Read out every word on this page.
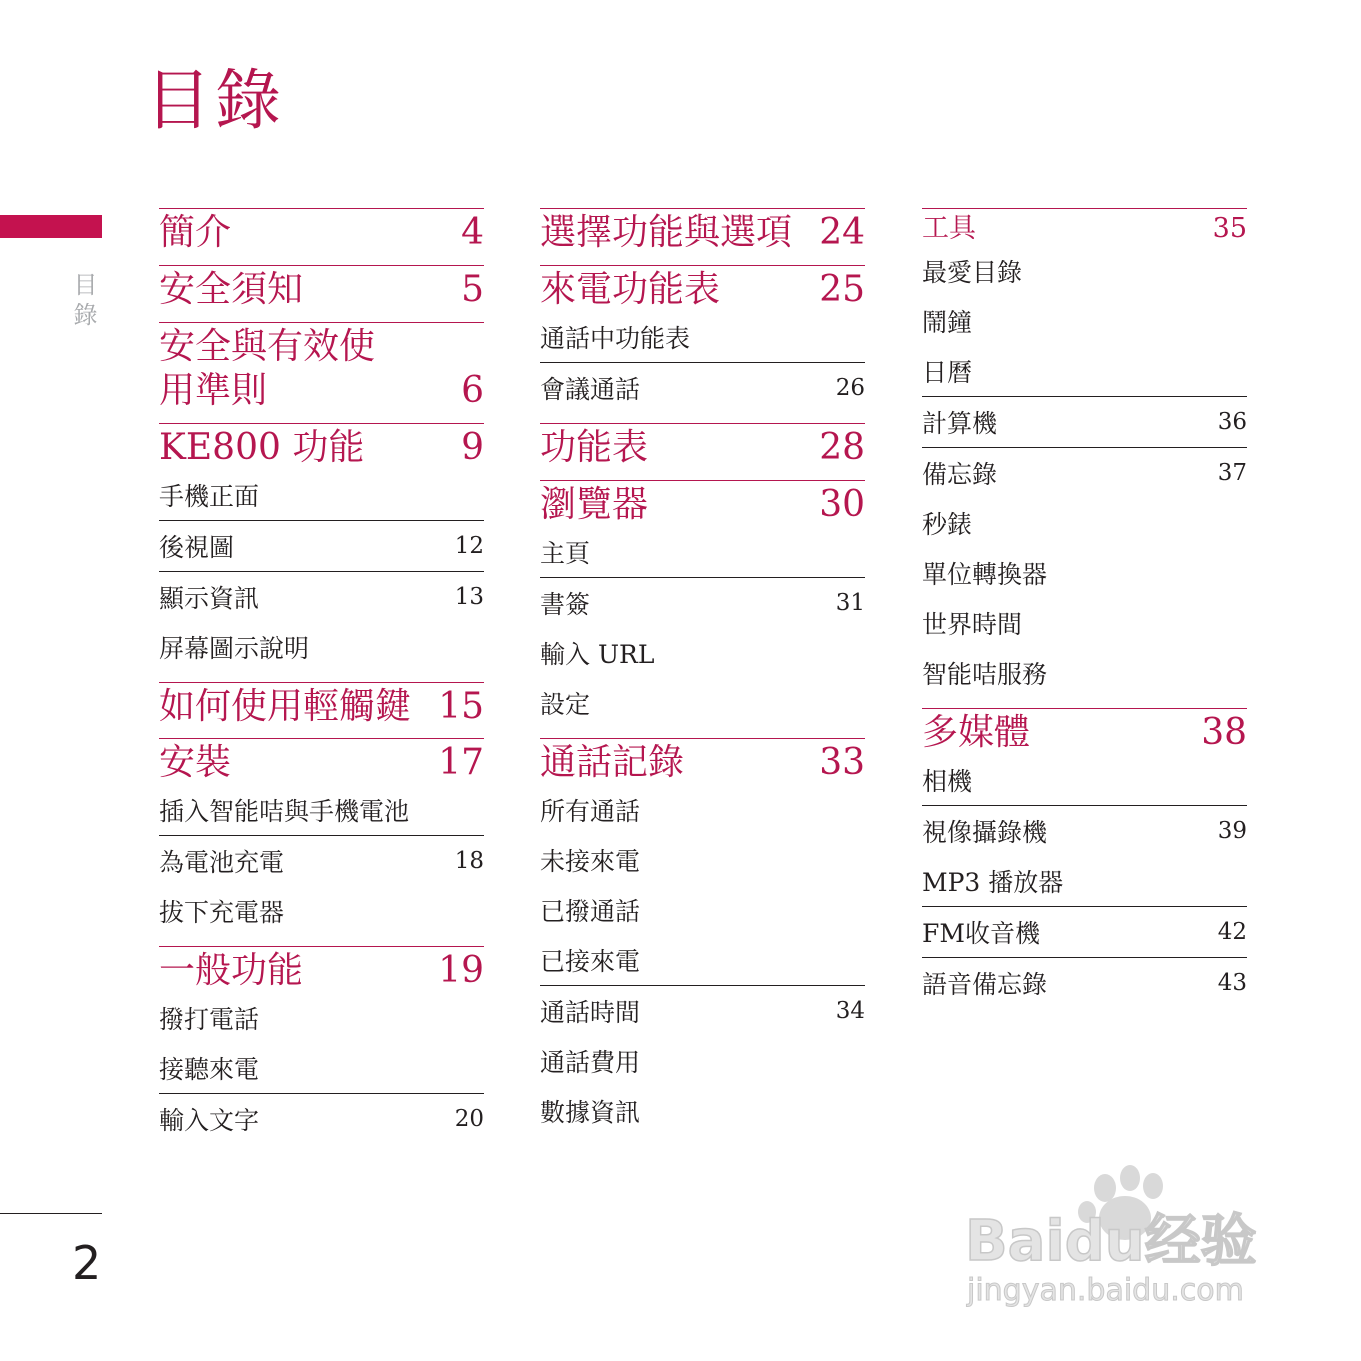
目錄
目錄
簡介	4
安全須知	5
安全與有效使
用準則	6
KE800 功能	9
手機正面
後視圖	12
顯示資訊	13
屏幕圖示說明
如何使用輕觸鍵 15
安裝	17
插入智能咭與手機電池
為電池充電	18
拔下充電器
一般功能	19
撥打電話
接聽來電
輸入文字	20
選擇功能與選項 24
來電功能表	25
通話中功能表
會議通話	26
功能表	28
瀏覽器	30
主頁
書簽	31
輸入 URL
設定
通話記錄	33
所有通話
未接來電
已撥通話
已接來電
通話時間	34
通話費用
數據資訊
工具	35
最愛目錄
鬧鐘
日曆
計算機	36
備忘錄	37
秒錶
單位轉換器
世界時間
智能咭服務
多媒體	38
相機
視像攝錄機	39
MP3 播放器
FM收音機	42
語音備忘錄	43
2	Baidu经验
jingyan.baidu.com
